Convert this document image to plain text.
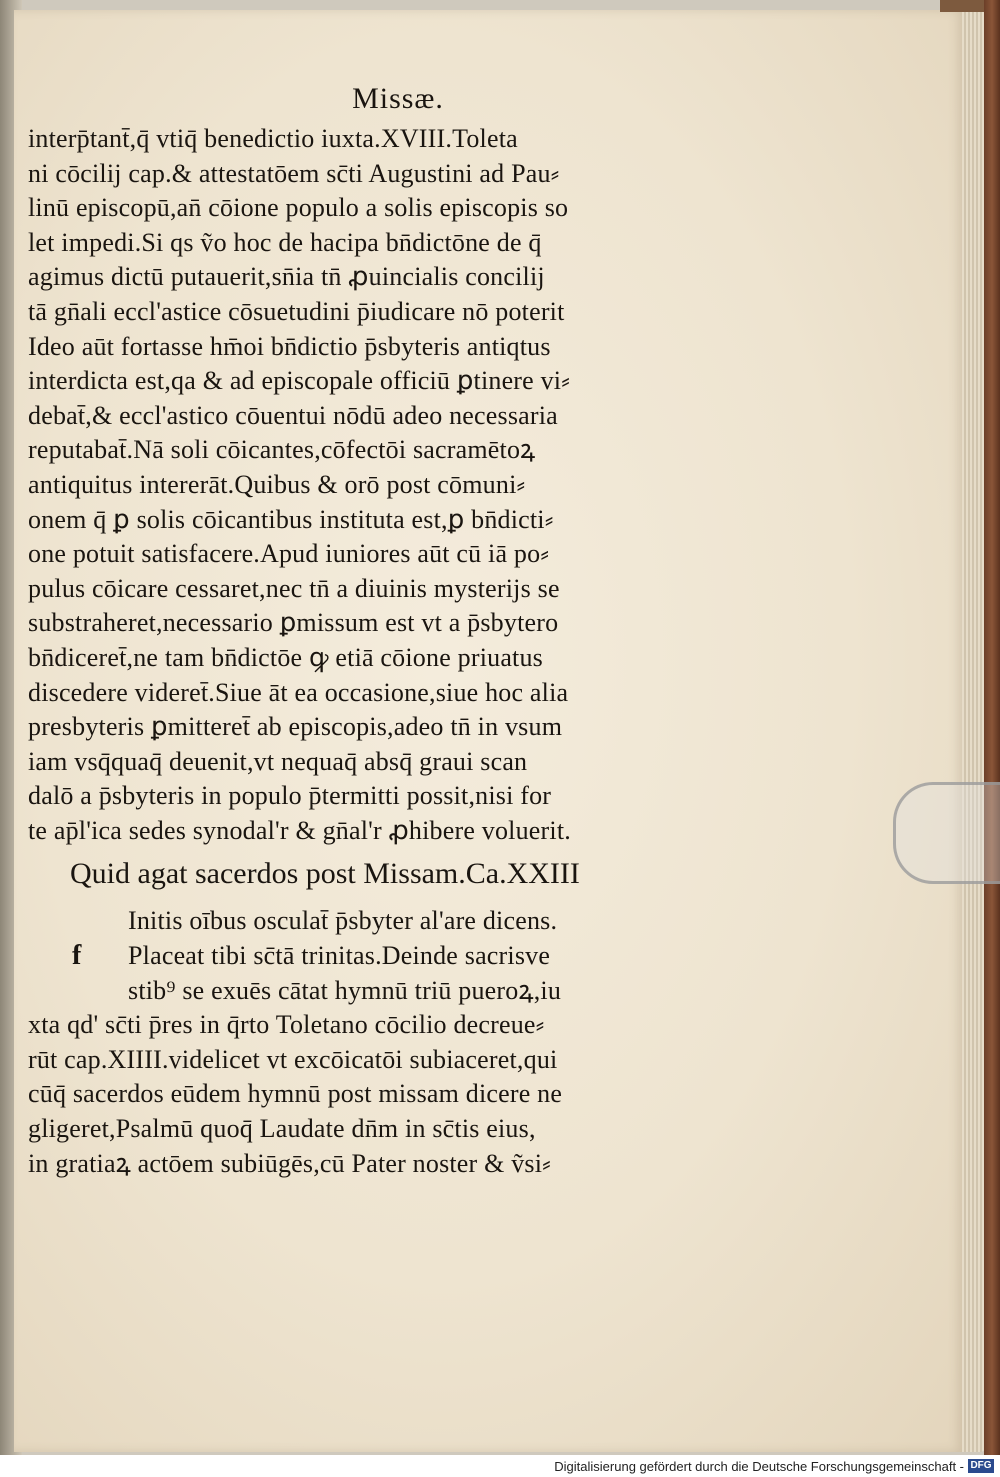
Missæ.
interp̄tant̄,q̄ vtiq̄ benedictio iuxta.XVIII.Toleta
ni cōcilij cap.& attestatōem sc̄ti Augustini ad Pau⸗
linū episcopū,an̄ cōione populo a solis episcopis so
let impedi.Si qs ṽo hoc de hacipa bn̄dictōne de q̄
agimus dictū putauerit,sn̄ia tn̄ ꝓuincialis concilij
tā gn̄ali eccl'astice cōsuetudini p̄iudicare nō poterit
Ideo aūt fortasse hm̄oi bn̄dictio p̄sbyteris antiqtus
interdicta est,qa & ad episcopale officiū ꝑtinere vi⸗
debat̄,& eccl'astico cōuentui nōdū adeo necessaria
reputabat̄.Nā soli cōicantes,cōfectōi sacramētoꝝ
antiquitus intererāt.Quibus & orō post cōmuni⸗
onem q̄ ꝑ solis cōicantibus instituta est,ꝑ bn̄dicti⸗
one potuit satisfacere.Apud iuniores aūt cū iā po⸗
pulus cōicare cessaret,nec tn̄ a diuinis mysterijs se
substraheret,necessario ꝑmissum est vt a p̄sbytero
bn̄diceret̄,ne tam bn̄dictōe ꝙ etiā cōione priuatus
discedere videret̄.Siue āt ea occasione,siue hoc alia
presbyteris ꝑmitteret̄ ab episcopis,adeo tn̄ in vsum
iam vsq̄quaq̄ deuenit,vt nequaq̄ absq̄ graui scan
dalō a p̄sbyteris in populo p̄termitti possit,nisi for
te ap̄l'ica sedes synodal'r & gn̄al'r ꝓhibere voluerit.
Quid agat sacerdos post Missam.Ca.XXIII
Initis oībus osculat̄ p̄sbyter al'are dicens.
f	Placeat tibi sc̄tā trinitas.Deinde sacrisve
stib⁹ se exuēs cātat hymnū triū pueroꝝ,iu
xta qd' sc̄ti p̄res in q̄rto Toletano cōcilio decreue⸗
rūt cap.XIIII.videlicet vt excōicatōi subiaceret,qui
cūq̄ sacerdos eūdem hymnū post missam dicere ne
gligeret,Psalmū quoq̄ Laudate dn̄m in sc̄tis eius,
in gratiaꝝ actōem subiūgēs,cū Pater noster & ṽsi⸗
Digitalisierung gefördert durch die Deutsche Forschungsgemeinschaft - DFG
